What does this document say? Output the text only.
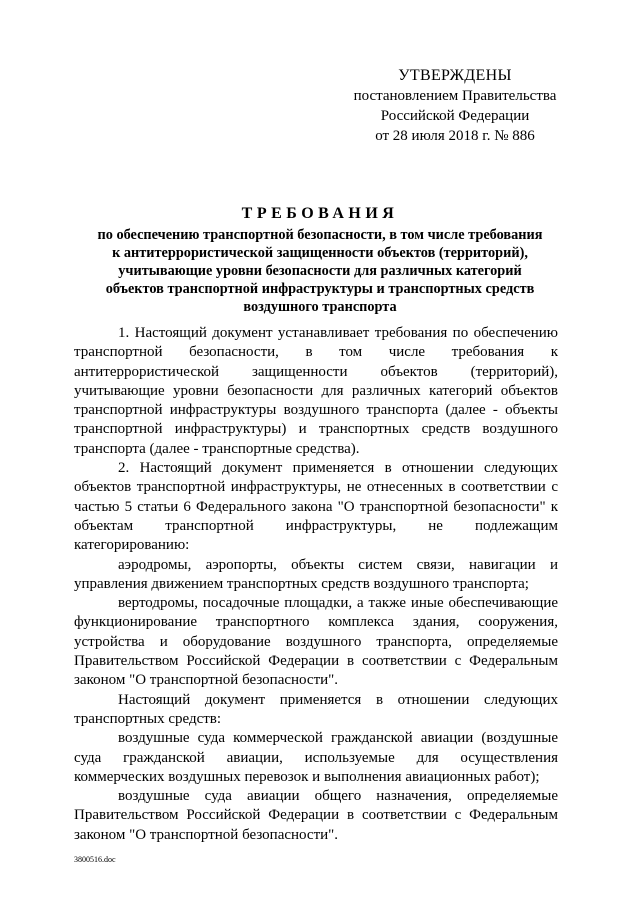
УТВЕРЖДЕНЫ
постановлением Правительства
Российской Федерации
от 28 июля 2018 г. № 886
ТРЕБОВАНИЯ
по обеспечению транспортной безопасности, в том числе требования
к антитеррористической защищенности объектов (территорий),
учитывающие уровни безопасности для различных категорий
объектов транспортной инфраструктуры и транспортных средств
воздушного транспорта

1. Настоящий документ устанавливает требования по обеспечению транспортной безопасности, в том числе требования к антитеррористической защищенности объектов (территорий), учитывающие уровни безопасности для различных категорий объектов транспортной инфраструктуры воздушного транспорта (далее - объекты транспортной инфраструктуры) и транспортных средств воздушного транспорта (далее - транспортные средства).

2. Настоящий документ применяется в отношении следующих объектов транспортной инфраструктуры, не отнесенных в соответствии с частью 5 статьи 6 Федерального закона "О транспортной безопасности" к объектам транспортной инфраструктуры, не подлежащим категорированию:

аэродромы, аэропорты, объекты систем связи, навигации и управления движением транспортных средств воздушного транспорта;

вертодромы, посадочные площадки, а также иные обеспечивающие функционирование транспортного комплекса здания, сооружения, устройства и оборудование воздушного транспорта, определяемые Правительством Российской Федерации в соответствии с Федеральным законом "О транспортной безопасности".

Настоящий документ применяется в отношении следующих транспортных средств:

воздушные суда коммерческой гражданской авиации (воздушные суда гражданской авиации, используемые для осуществления коммерческих воздушных перевозок и выполнения авиационных работ);

воздушные суда авиации общего назначения, определяемые Правительством Российской Федерации в соответствии с Федеральным законом "О транспортной безопасности".

3800516.doc
